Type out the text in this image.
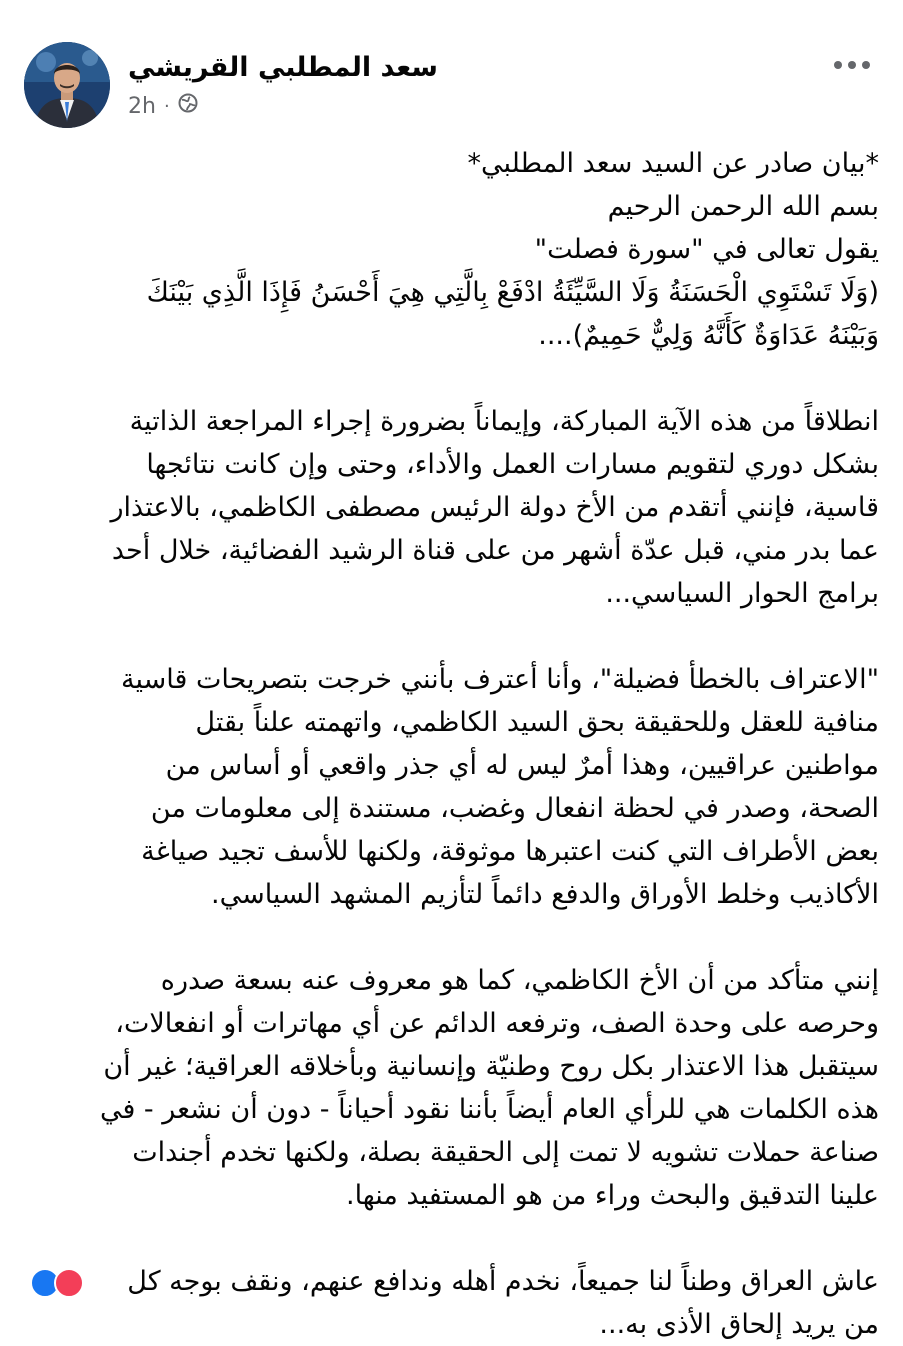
سعد المطلبي القريشي
2h ·
*بيان صادر عن السيد سعد المطلبي*
بسم الله الرحمن الرحيم
يقول تعالى في "سورة فصلت"
(وَلَا تَسْتَوِي الْحَسَنَةُ وَلَا السَّيِّئَةُ ادْفَعْ بِالَّتِي هِيَ أَحْسَنُ فَإِذَا الَّذِي بَيْنَكَ
وَبَيْنَهُ عَدَاوَةٌ كَأَنَّهُ وَلِيٌّ حَمِيمٌ)....
انطلاقاً من هذه الآية المباركة، وإيماناً بضرورة إجراء المراجعة الذاتية
بشكل دوري لتقويم مسارات العمل والأداء، وحتى وإن كانت نتائجها
قاسية، فإنني أتقدم من الأخ دولة الرئيس مصطفى الكاظمي، بالاعتذار
عما بدر مني، قبل عدّة أشهر من على قناة الرشيد الفضائية، خلال أحد
برامج الحوار السياسي...
"الاعتراف بالخطأ فضيلة"، وأنا أعترف بأنني خرجت بتصريحات قاسية
منافية للعقل وللحقيقة بحق السيد الكاظمي، واتهمته علناً بقتل
مواطنين عراقيين، وهذا أمرٌ ليس له أي جذر واقعي أو أساس من
الصحة، وصدر في لحظة انفعال وغضب، مستندة إلى معلومات من
بعض الأطراف التي كنت اعتبرها موثوقة، ولكنها للأسف تجيد صياغة
الأكاذيب وخلط الأوراق والدفع دائماً لتأزيم المشهد السياسي.
إنني متأكد من أن الأخ الكاظمي، كما هو معروف عنه بسعة صدره
وحرصه على وحدة الصف، وترفعه الدائم عن أي مهاترات أو انفعالات،
سيتقبل هذا الاعتذار بكل روح وطنيّة وإنسانية وبأخلاقه العراقية؛ غير أن
هذه الكلمات هي للرأي العام أيضاً بأننا نقود أحياناً - دون أن نشعر - في
صناعة حملات تشويه لا تمت إلى الحقيقة بصلة، ولكنها تخدم أجندات
علينا التدقيق والبحث وراء من هو المستفيد منها.
عاش العراق وطناً لنا جميعاً، نخدم أهله وندافع عنهم، ونقف بوجه كل
من يريد إلحاق الأذى به...
